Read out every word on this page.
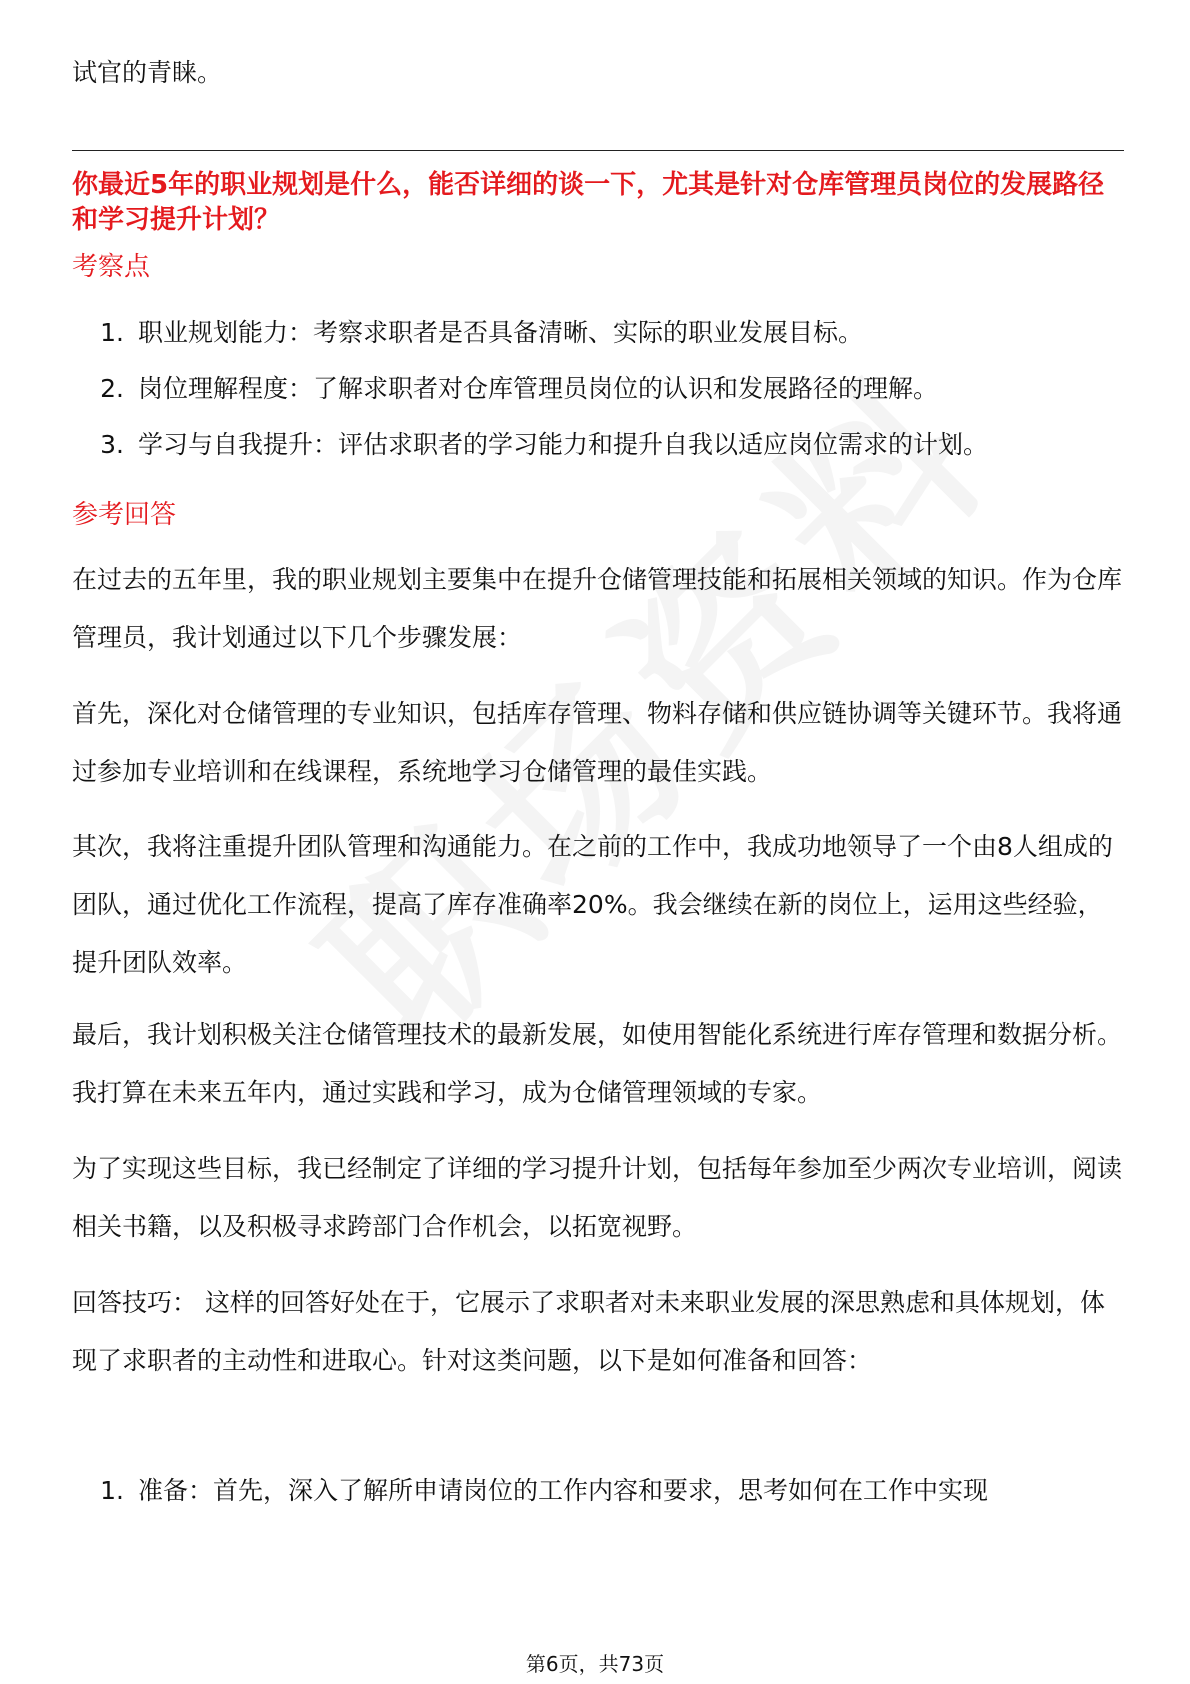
试官的青睐。

你最近5年的职业规划是什么，能否详细的谈一下，尤其是针对仓库管理员岗位的发展路径和学习提升计划？

考察点

1. 职业规划能力：考察求职者是否具备清晰、实际的职业发展目标。
2. 岗位理解程度：了解求职者对仓库管理员岗位的认识和发展路径的理解。
3. 学习与自我提升：评估求职者的学习能力和提升自我以适应岗位需求的计划。

参考回答

在过去的五年里，我的职业规划主要集中在提升仓储管理技能和拓展相关领域的知识。作为仓库管理员，我计划通过以下几个步骤发展：

首先，深化对仓储管理的专业知识，包括库存管理、物料存储和供应链协调等关键环节。我将通过参加专业培训和在线课程，系统地学习仓储管理的最佳实践。

其次，我将注重提升团队管理和沟通能力。在之前的工作中，我成功地领导了一个由8人组成的团队，通过优化工作流程，提高了库存准确率20%。我会继续在新的岗位上，运用这些经验，提升团队效率。

最后，我计划积极关注仓储管理技术的最新发展，如使用智能化系统进行库存管理和数据分析。我打算在未来五年内，通过实践和学习，成为仓储管理领域的专家。

为了实现这些目标，我已经制定了详细的学习提升计划，包括每年参加至少两次专业培训，阅读相关书籍，以及积极寻求跨部门合作机会，以拓宽视野。

回答技巧： 这样的回答好处在于，它展示了求职者对未来职业发展的深思熟虑和具体规划，体现了求职者的主动性和进取心。针对这类问题，以下是如何准备和回答：

1. 准备：首先，深入了解所申请岗位的工作内容和要求，思考如何在工作中实现
第6页，共73页
